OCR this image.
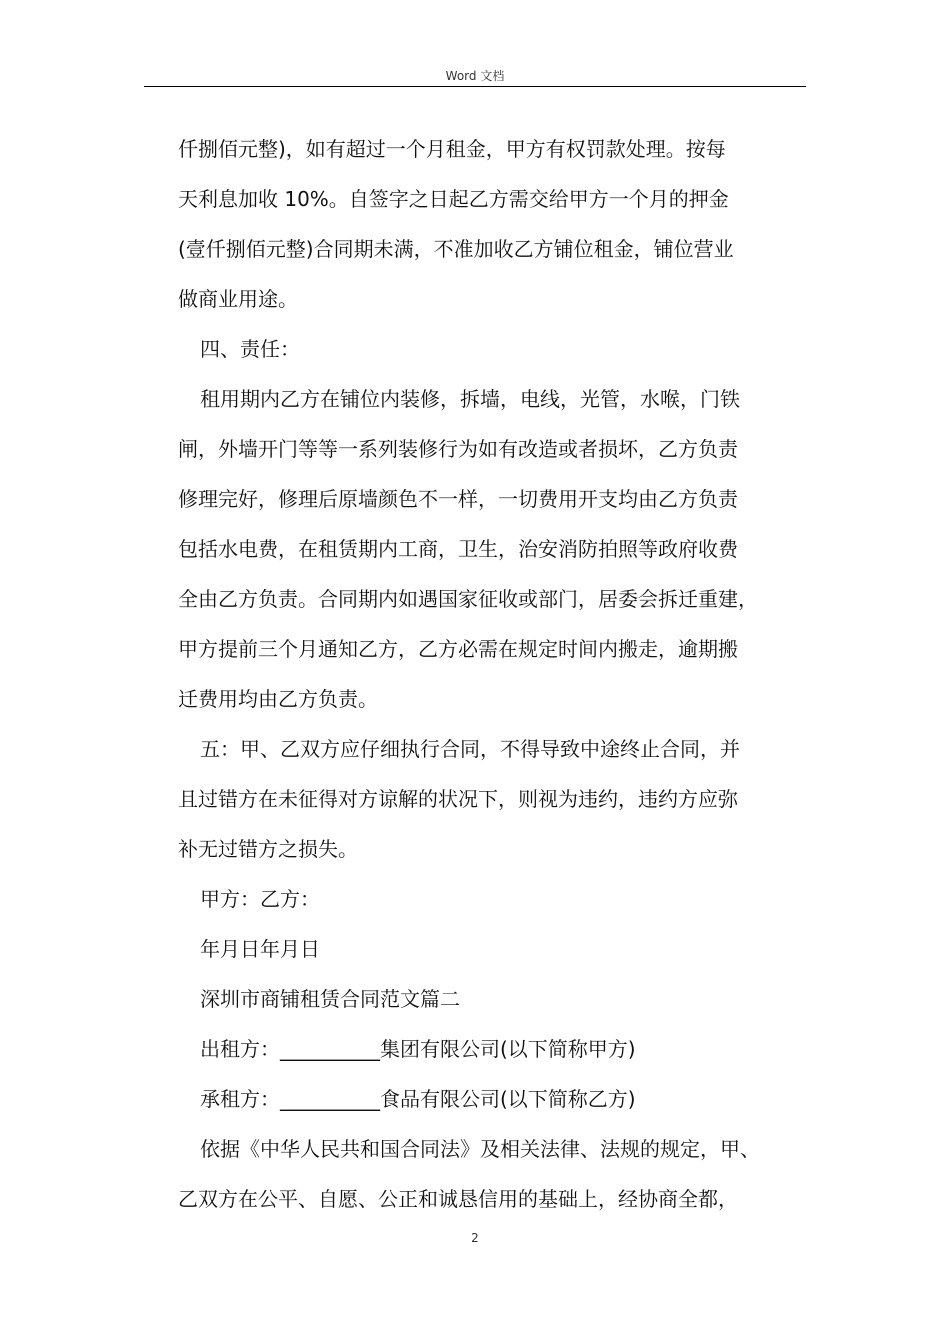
Word 文档
仟捌佰元整)，如有超过一个月租金，甲方有权罚款处理。按每
天利息加收 10%。自签字之日起乙方需交给甲方一个月的押金
(壹仟捌佰元整)合同期未满，不准加收乙方铺位租金，铺位营业
做商业用途。
四、责任：
租用期内乙方在铺位内装修，拆墙，电线，光管，水喉，门铁
闸，外墙开门等等一系列装修行为如有改造或者损坏，乙方负责
修理完好，修理后原墙颜色不一样，一切费用开支均由乙方负责
包括水电费，在租赁期内工商，卫生，治安消防拍照等政府收费
全由乙方负责。合同期内如遇国家征收或部门，居委会拆迁重建，
甲方提前三个月通知乙方，乙方必需在规定时间内搬走，逾期搬
迁费用均由乙方负责。
五：甲、乙双方应仔细执行合同，不得导致中途终止合同，并
且过错方在未征得对方谅解的状况下，则视为违约，违约方应弥
补无过错方之损失。
甲方：乙方：
年月日年月日
深圳市商铺租赁合同范文篇二
出租方：__________集团有限公司(以下简称甲方)
承租方：__________食品有限公司(以下简称乙方)
依据《中华人民共和国合同法》及相关法律、法规的规定，甲、
乙双方在公平、自愿、公正和诚恳信用的基础上，经协商全都，
2
